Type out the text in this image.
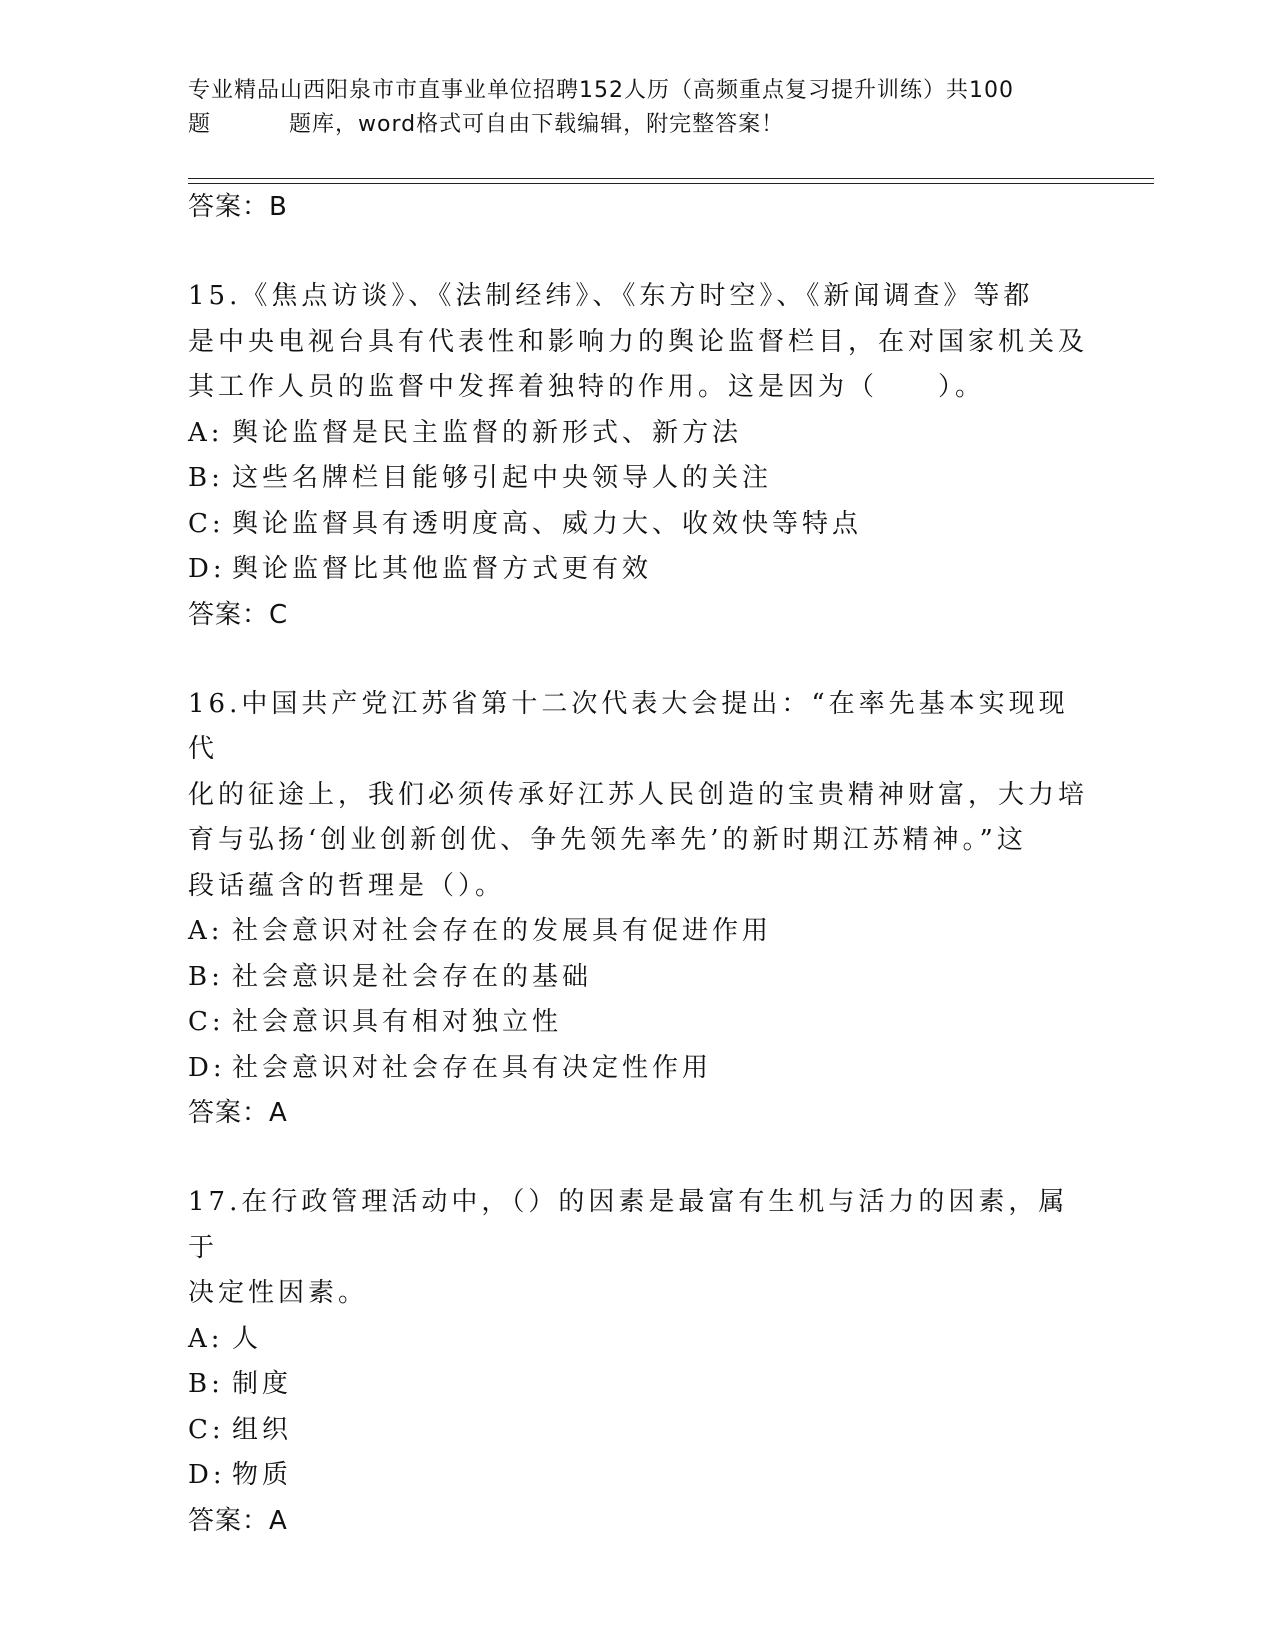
专业精品山西阳泉市市直事业单位招聘152人历（高频重点复习提升训练）共100
题	题库，word格式可自由下载编辑，附完整答案！
答案：B
15.《焦点访谈》、《法制经纬》、《东方时空》、《新闻调查》等都
是中央电视台具有代表性和影响力的舆论监督栏目，在对国家机关及
其工作人员的监督中发挥着独特的作用。这是因为（　　）。
A: 舆论监督是民主监督的新形式、新方法
B: 这些名牌栏目能够引起中央领导人的关注
C: 舆论监督具有透明度高、威力大、收效快等特点
D: 舆论监督比其他监督方式更有效
答案：C
16.中国共产党江苏省第十二次代表大会提出：“在率先基本实现现代
化的征途上，我们必须传承好江苏人民创造的宝贵精神财富，大力培
育与弘扬‘创业创新创优、争先领先率先’的新时期江苏精神。”这
段话蕴含的哲理是（）。
A: 社会意识对社会存在的发展具有促进作用
B: 社会意识是社会存在的基础
C: 社会意识具有相对独立性
D: 社会意识对社会存在具有决定性作用
答案：A
17.在行政管理活动中，（）的因素是最富有生机与活力的因素，属于
决定性因素。
A: 人
B: 制度
C: 组织
D: 物质
答案：A
